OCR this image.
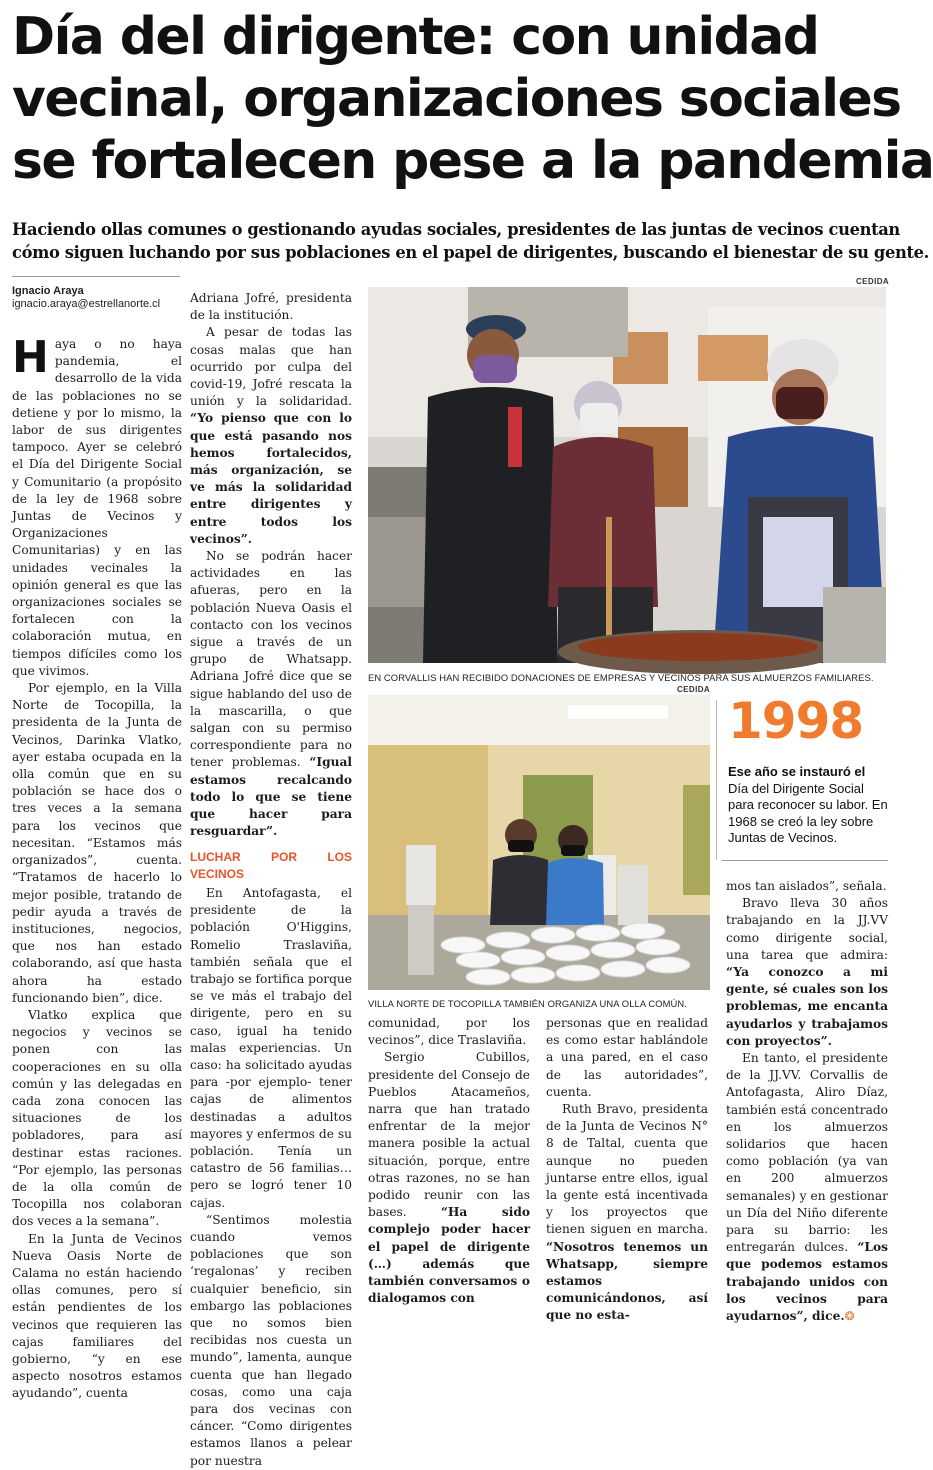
Día del dirigente: con unidad
vecinal, organizaciones sociales
se fortalecen pese a la pandemia
Haciendo ollas comunes o gestionando ayudas sociales, presidentes de las juntas de vecinos cuentan
cómo siguen luchando por sus poblaciones en el papel de dirigentes, buscando el bienestar de su gente.
Ignacio Araya
ignacio.araya@estrellanorte.cl

Haya o no haya pandemia, el desarrollo de la vida de las poblaciones no se detiene y por lo mismo, la labor de sus dirigentes tampoco. Ayer se celebró el Día del Dirigente Social y Comunitario (a propósito de la ley de 1968 sobre Juntas de Vecinos y Organizaciones Comunitarias) y en las unidades vecinales la opinión general es que las organizaciones sociales se fortalecen con la colaboración mutua, en tiempos difíciles como los que vivimos.

Por ejemplo, en la Villa Norte de Tocopilla, la presidenta de la Junta de Vecinos, Darinka Vlatko, ayer estaba ocupada en la olla común que en su población se hace dos o tres veces a la semana para los vecinos que necesitan. “Estamos más organizados”, cuenta. “Tratamos de hacerlo lo mejor posible, tratando de pedir ayuda a través de instituciones, negocios, que nos han estado colaborando, así que hasta ahora ha estado funcionando bien”, dice.

Vlatko explica que negocios y vecinos se ponen con las cooperaciones en su olla común y las delegadas en cada zona conocen las situaciones de los pobladores, para así destinar estas raciones. “Por ejemplo, las personas de la olla común de Tocopilla nos colaboran dos veces a la semana”.

En la Junta de Vecinos Nueva Oasis Norte de Calama no están haciendo ollas comunes, pero sí están pendientes de los vecinos que requieren las cajas familiares del gobierno, “y en ese aspecto nosotros estamos ayudando”, cuenta

Adriana Jofré, presidenta de la institución.

A pesar de todas las cosas malas que han ocurrido por culpa del covid-19, Jofré rescata la unión y la solidaridad. “Yo pienso que con lo que está pasando nos hemos fortalecidos, más organización, se ve más la solidaridad entre dirigentes y entre todos los vecinos”.

No se podrán hacer actividades en las afueras, pero en la población Nueva Oasis el contacto con los vecinos sigue a través de un grupo de Whatsapp. Adriana Jofré dice que se sigue hablando del uso de la mascarilla, o que salgan con su permiso correspondiente para no tener problemas. “Igual estamos recalcando todo lo que se tiene que hacer para resguardar”.

LUCHAR POR LOS VECINOS

En Antofagasta, el presidente de la población O'Higgins, Romelio Traslaviña, también señala que el trabajo se fortifica porque se ve más el trabajo del dirigente, pero en su caso, igual ha tenido malas experiencias. Un caso: ha solicitado ayudas para -por ejemplo- tener cajas de alimentos destinadas a adultos mayores y enfermos de su población. Tenía un catastro de 56 familias… pero se logró tener 10 cajas.

“Sentimos molestia cuando vemos poblaciones que son ‘regalonas’ y reciben cualquier beneficio, sin embargo las poblaciones que no somos bien recibidas nos cuesta un mundo”, lamenta, aunque cuenta que han llegado cosas, como una caja para dos vecinas con cáncer. “Como dirigentes estamos llanos a pelear por nuestra

CEDIDA
EN CORVALLIS HAN RECIBIDO DONACIONES DE EMPRESAS Y VECINOS PARA SUS ALMUERZOS FAMILIARES.
CEDIDA
VILLA NORTE DE TOCOPILLA TAMBIÉN ORGANIZA UNA OLLA COMÚN.
1998
Ese año se instauró el Día del Dirigente Social para reconocer su labor. En 1968 se creó la ley sobre Juntas de Vecinos.

comunidad, por los vecinos”, dice Traslaviña.

Sergio Cubillos, presidente del Consejo de Pueblos Atacameños, narra que han tratado enfrentar de la mejor manera posible la actual situación, porque, entre otras razones, no se han podido reunir con las bases.	“Ha sido complejo poder hacer el papel de dirigente (…) además que también conversamos o dialogamos con

personas que en realidad es como estar hablándole a una pared, en el caso de las autoridades”, cuenta.

Ruth Bravo, presidenta de la Junta de Vecinos N° 8 de Taltal, cuenta que aunque no pueden juntarse entre ellos, igual la gente está incentivada y los proyectos que tienen siguen en marcha. “Nosotros tenemos un Whatsapp, siempre estamos comunicándonos, así que no esta-

mos tan aislados”, señala.

Bravo lleva 30 años trabajando en la JJ.VV como dirigente social, una tarea que admira: “Ya conozco a mi gente, sé cuales son los problemas, me encanta ayudarlos y trabajamos con proyectos”.

En tanto, el presidente de la JJ.VV. Corvallis de Antofagasta, Aliro Díaz, también está concentrado en los almuerzos solidarios que hacen como población (ya van en 200 almuerzos semanales) y en gestionar un Día del Niño diferente para su barrio: les entregarán dulces. “Los que podemos estamos trabajando unidos con los vecinos para ayudarnos”, dice.❂
